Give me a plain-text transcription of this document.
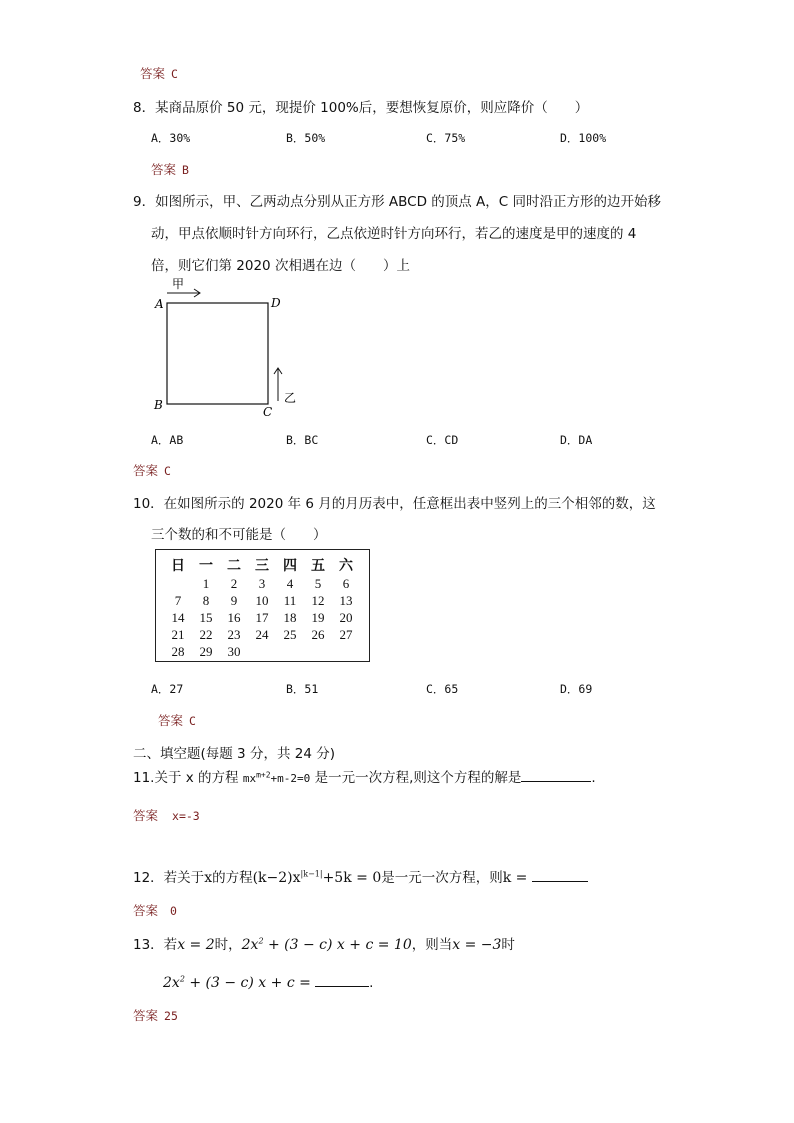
答案 C
8．某商品原价 50 元，现提价 100%后，要想恢复原价，则应降价（　　）
A．30%	B．50%	C．75%	D．100%
答案 B
9．如图所示，甲、乙两动点分别从正方形 ABCD 的顶点 A，C 同时沿正方形的边开始移
动，甲点依顺时针方向环行，乙点依逆时针方向环行，若乙的速度是甲的速度的 4
倍，则它们第 2020 次相遇在边（　　）上
甲
乙
A	D
B	C
A．AB	B．BC	C．CD	D．DA
答案 C
10．在如图所示的 2020 年 6 月的月历表中，任意框出表中竖列上的三个相邻的数，这
三个数的和不可能是（　　）
日	一	二	三	四	五	六
	1	2	3	4	5	6
7	8	9	10	11	12	13
14	15	16	17	18	19	20
21	22	23	24	25	26	27
28	29	30				
A．27	B．51	C．65	D．69
答案 C
二、填空题(每题 3 分，共 24 分)
11.关于 x 的方程 $mx^{m+2}+m-2=0$ 是一元一次方程,则这个方程的解是	.
答案 x=-3
12．若关于x的方程$(k-2)x^{|k-1|}+5k = 0$是一元一次方程，则k =
答案 0
13．若x = 2时，$2x^2 + (3 - c) x + c = 10$，则当x = −3时
$2x^2 + (3 - c) x + c$ =	.
答案 25
